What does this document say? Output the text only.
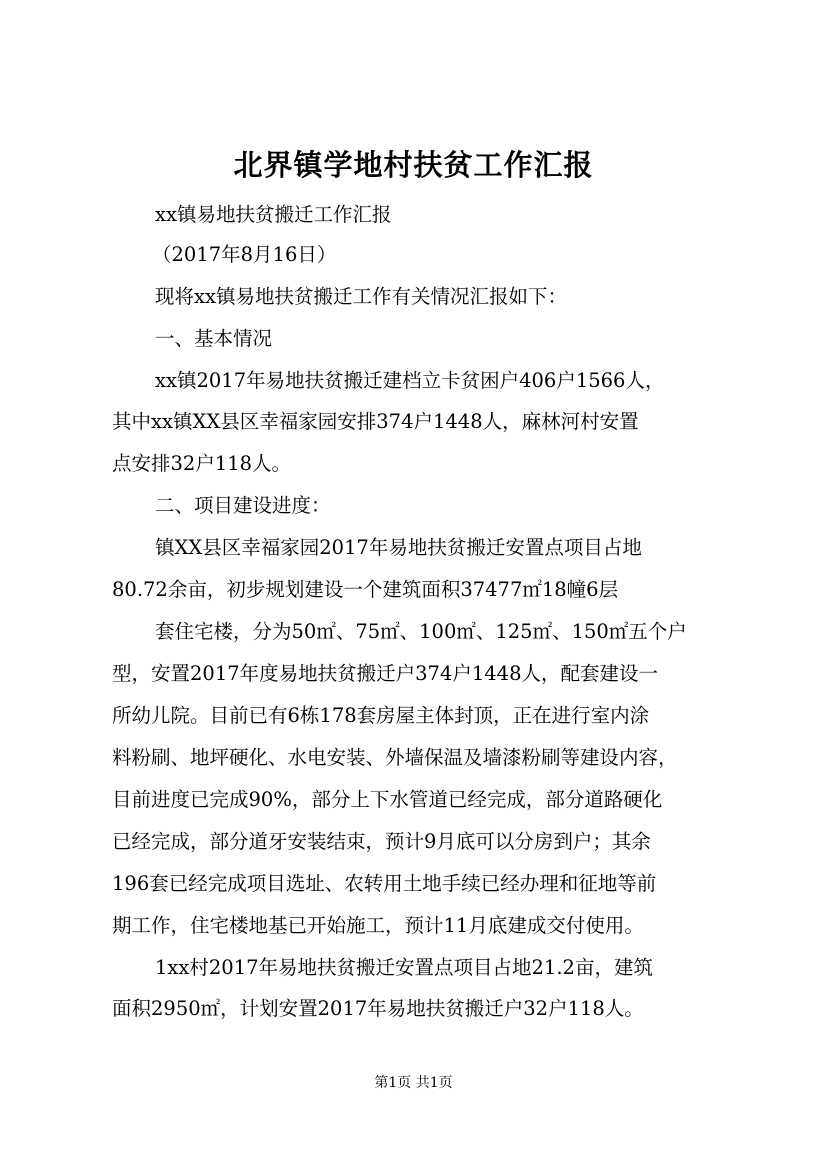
北界镇学地村扶贫工作汇报

xx镇易地扶贫搬迁工作汇报

（2017年8月16日）

现将xx镇易地扶贫搬迁工作有关情况汇报如下：

一、基本情况

xx镇2017年易地扶贫搬迁建档立卡贫困户406户1566人，

其中xx镇XX县区幸福家园安排374户1448人，麻林河村安置

点安排32户118人。

二、项目建设进度：

镇XX县区幸福家园2017年易地扶贫搬迁安置点项目占地

80.72余亩，初步规划建设一个建筑面积37477㎡18幢6层

套住宅楼，分为50㎡、75㎡、100㎡、125㎡、150㎡五个户

型，安置2017年度易地扶贫搬迁户374户1448人，配套建设一

所幼儿院。目前已有6栋178套房屋主体封顶，正在进行室内涂

料粉刷、地坪硬化、水电安装、外墙保温及墙漆粉刷等建设内容，

目前进度已完成90%，部分上下水管道已经完成，部分道路硬化

已经完成，部分道牙安装结束，预计9月底可以分房到户；其余

196套已经完成项目选址、农转用土地手续已经办理和征地等前

期工作，住宅楼地基已开始施工，预计11月底建成交付使用。

1xx村2017年易地扶贫搬迁安置点项目占地21.2亩，建筑

面积2950㎡，计划安置2017年易地扶贫搬迁户32户118人。

第1页 共1页
